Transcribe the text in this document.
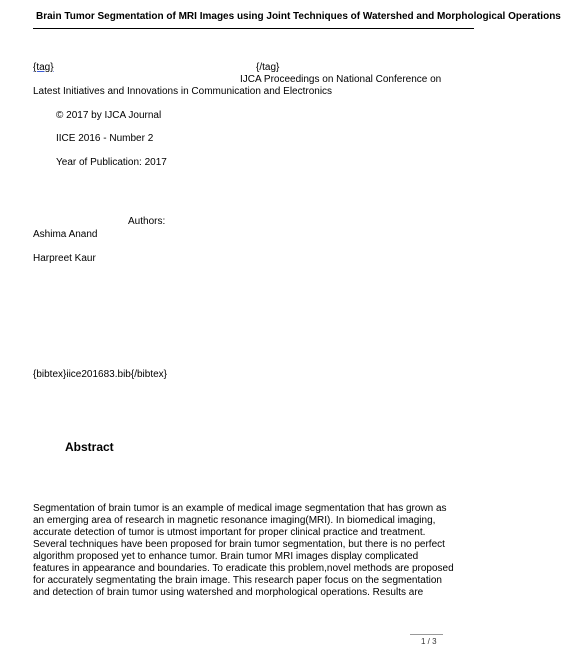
Brain Tumor Segmentation of MRI Images using Joint Techniques of Watershed and Morphological Operations
{tag}	{/tag}
IJCA Proceedings on National Conference on
Latest Initiatives and Innovations in Communication and Electronics
© 2017 by IJCA Journal
IICE 2016 - Number 2
Year of Publication: 2017
Authors:
Ashima Anand
Harpreet Kaur
{bibtex}iice201683.bib{/bibtex}
Abstract
Segmentation of brain tumor is an example of medical image segmentation that has grown as
an emerging area of research in magnetic resonance imaging(MRI). In biomedical imaging,
accurate detection of tumor is utmost important for proper clinical practice and treatment.
Several techniques have been proposed for brain tumor segmentation, but there is no perfect
algorithm proposed yet to enhance tumor. Brain tumor MRI images display complicated
features in appearance and boundaries. To eradicate this problem,novel methods are proposed
for accurately segmentating the brain image. This research paper focus on the segmentation
and detection of brain tumor using watershed and morphological operations. Results are
1 / 3
